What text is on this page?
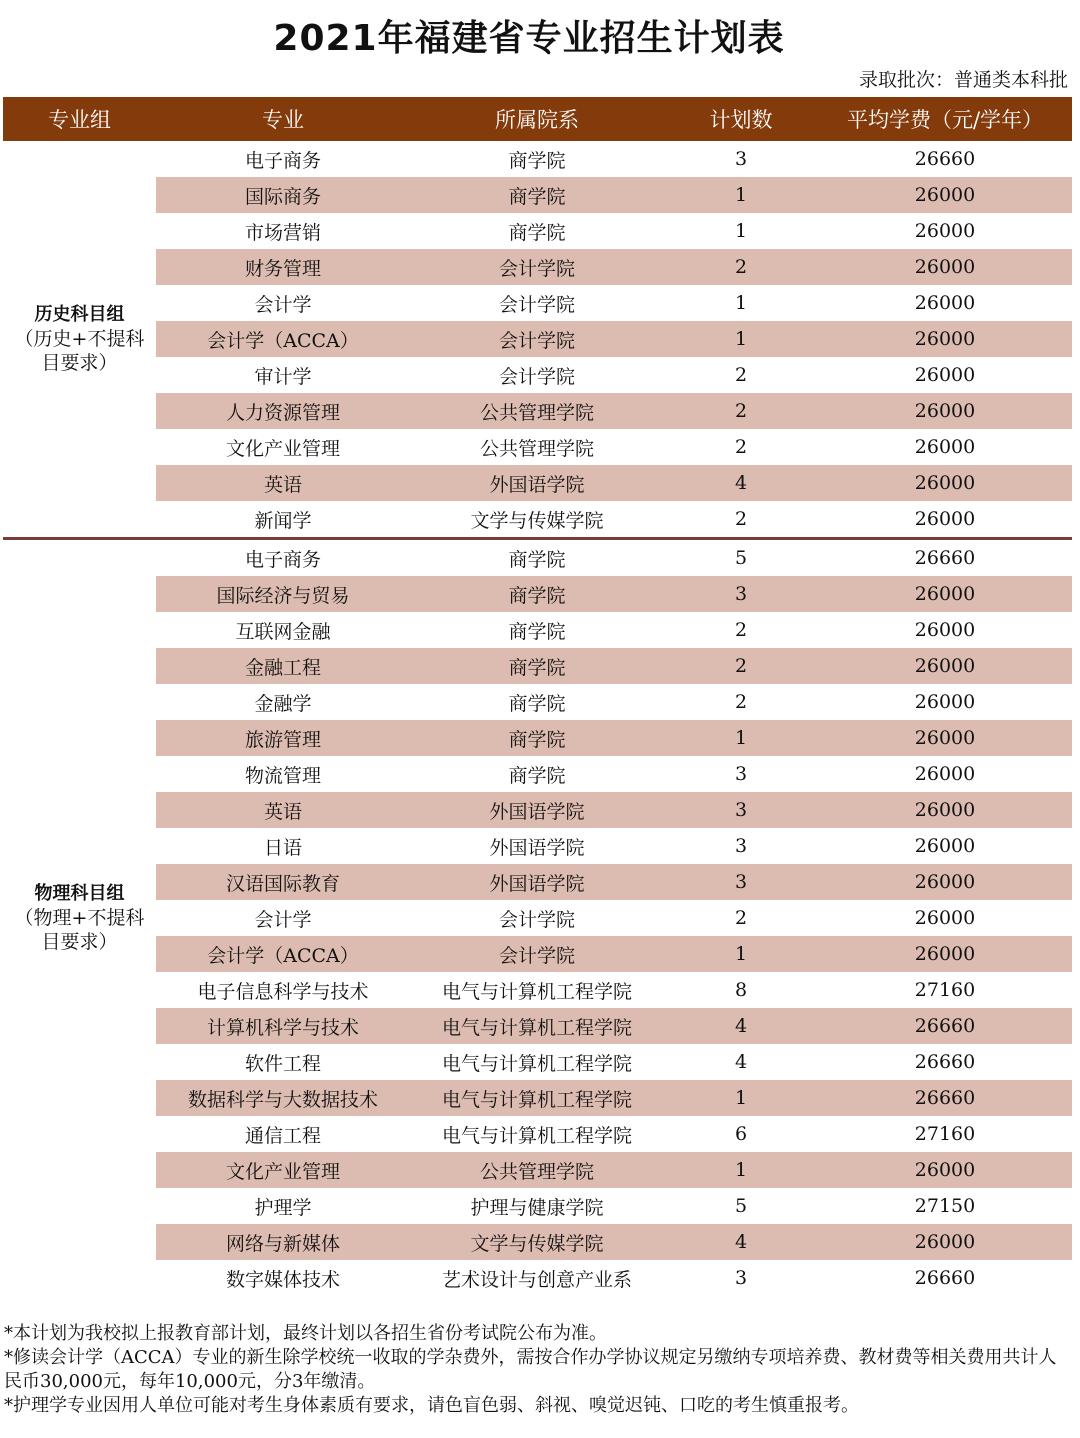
2021年福建省专业招生计划表
录取批次：普通类本科批
专业组	专业	所属院系	计划数	平均学费（元/学年）
历史科目组
（历史+不提科目要求）
电子商务	商学院	3	26660
国际商务	商学院	1	26000
市场营销	商学院	1	26000
财务管理	会计学院	2	26000
会计学	会计学院	1	26000
会计学（ACCA）	会计学院	1	26000
审计学	会计学院	2	26000
人力资源管理	公共管理学院	2	26000
文化产业管理	公共管理学院	2	26000
英语	外国语学院	4	26000
新闻学	文学与传媒学院	2	26000
物理科目组
（物理+不提科目要求）
电子商务	商学院	5	26660
国际经济与贸易	商学院	3	26000
互联网金融	商学院	2	26000
金融工程	商学院	2	26000
金融学	商学院	2	26000
旅游管理	商学院	1	26000
物流管理	商学院	3	26000
英语	外国语学院	3	26000
日语	外国语学院	3	26000
汉语国际教育	外国语学院	3	26000
会计学	会计学院	2	26000
会计学（ACCA）	会计学院	1	26000
电子信息科学与技术	电气与计算机工程学院	8	27160
计算机科学与技术	电气与计算机工程学院	4	26660
软件工程	电气与计算机工程学院	4	26660
数据科学与大数据技术	电气与计算机工程学院	1	26660
通信工程	电气与计算机工程学院	6	27160
文化产业管理	公共管理学院	1	26000
护理学	护理与健康学院	5	27150
网络与新媒体	文学与传媒学院	4	26000
数字媒体技术	艺术设计与创意产业系	3	26660

*本计划为我校拟上报教育部计划，最终计划以各招生省份考试院公布为准。

*修读会计学（ACCA）专业的新生除学校统一收取的学杂费外，需按合作办学协议规定另缴纳专项培养费、教材费等相关费用共计人民币30,000元，每年10,000元，分3年缴清。

*护理学专业因用人单位可能对考生身体素质有要求，请色盲色弱、斜视、嗅觉迟钝、口吃的考生慎重报考。
